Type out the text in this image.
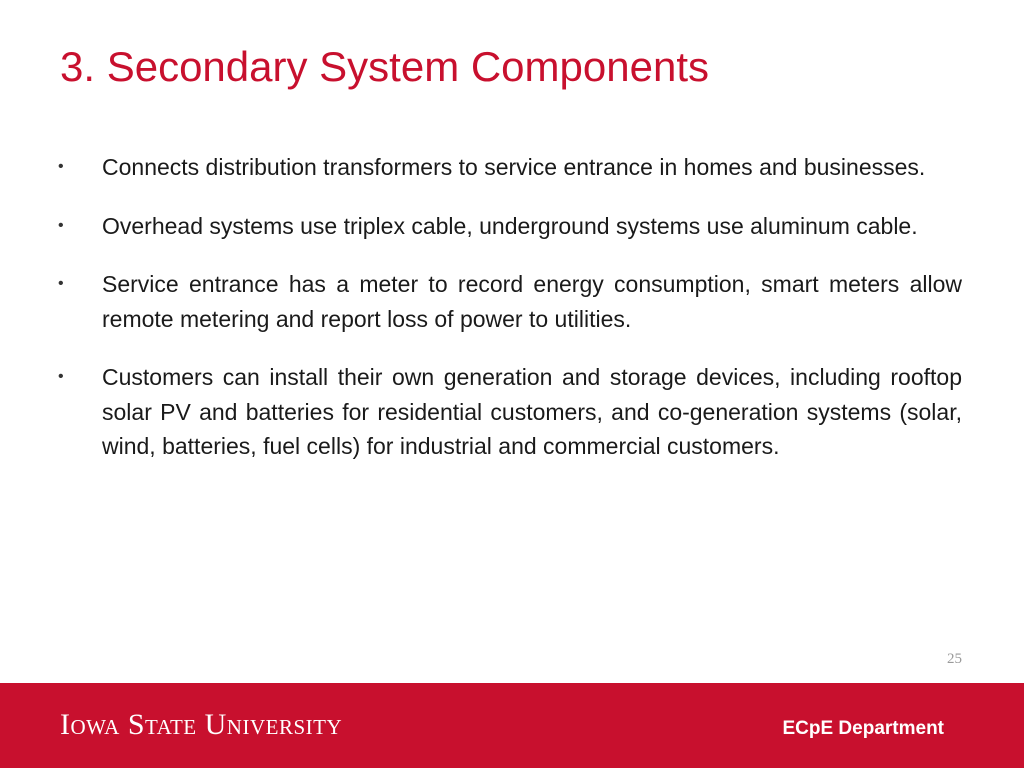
3. Secondary System Components
•	Connects distribution transformers to service entrance in homes and businesses.
•	Overhead systems use triplex cable, underground systems use aluminum cable.
•	Service entrance has a meter to record energy consumption, smart meters allow remote metering and report loss of power to utilities.
•	Customers can install their own generation and storage devices, including rooftop solar PV and batteries for residential customers, and co-generation systems (solar, wind, batteries, fuel cells) for industrial and commercial customers.
25
Iowa State University	ECpE Department
